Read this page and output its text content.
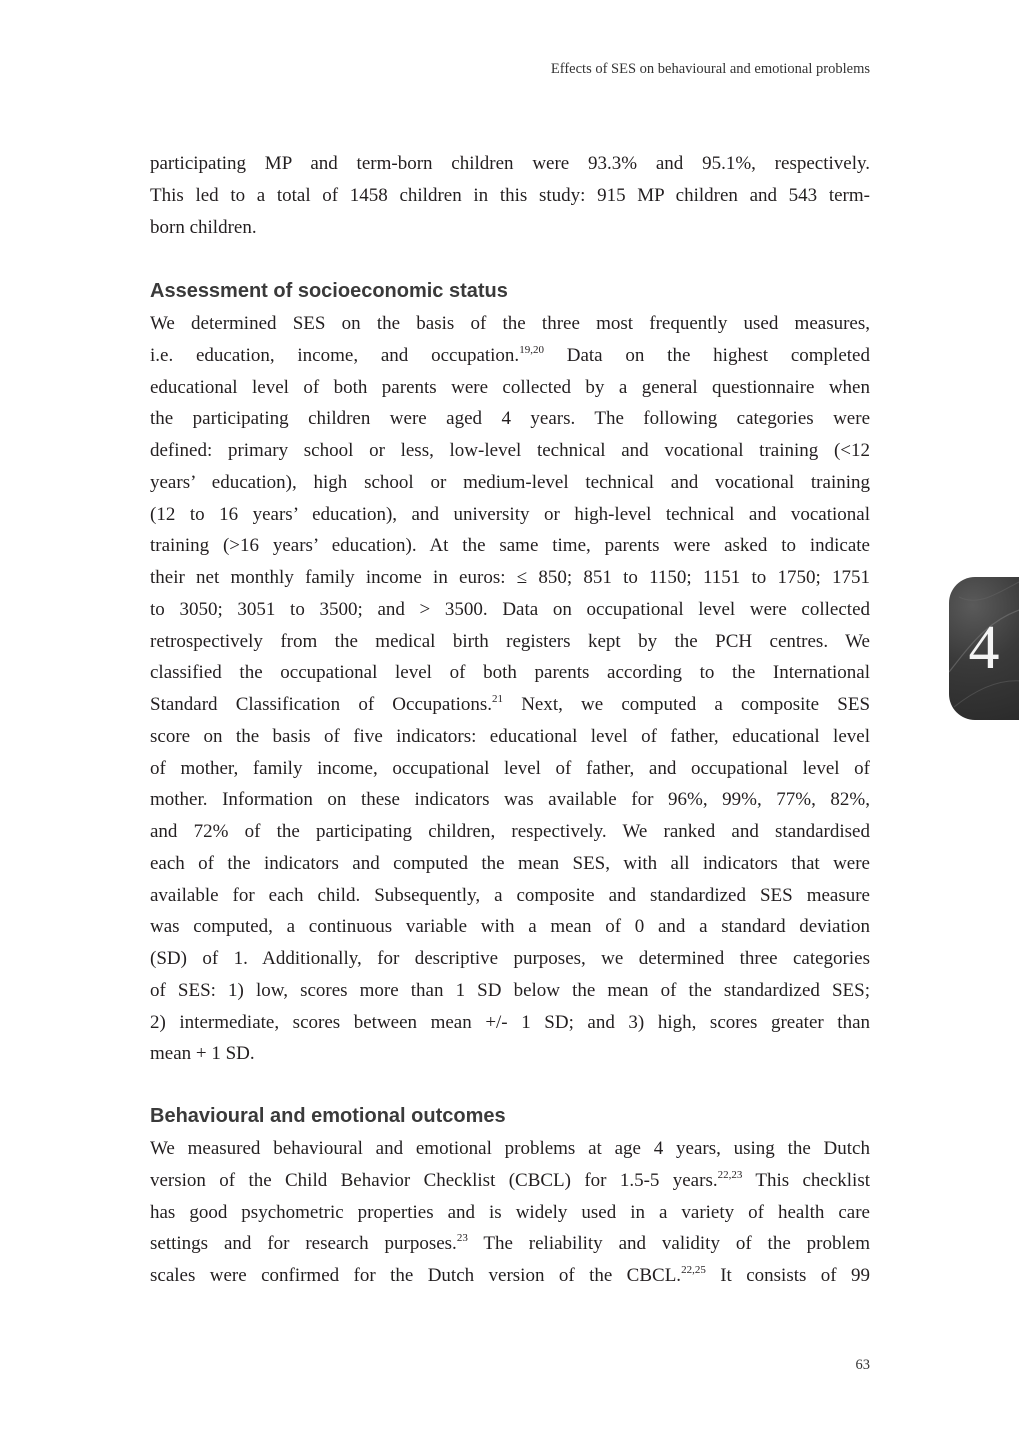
Effects of SES on behavioural and emotional problems
participating MP and term-born children were 93.3% and 95.1%, respectively.
This led to a total of 1458 children in this study: 915 MP children and 543 term-
born children.
Assessment of socioeconomic status
We determined SES on the basis of the three most frequently used measures,
i.e. education, income, and occupation.$^{19,20}$ Data on the highest completed
educational level of both parents were collected by a general questionnaire when
the participating children were aged 4 years. The following categories were
defined: primary school or less, low-level technical and vocational training (<12
years’ education), high school or medium-level technical and vocational training
(12 to 16 years’ education), and university or high-level technical and vocational
training (>16 years’ education). At the same time, parents were asked to indicate
their net monthly family income in euros: ≤ 850; 851 to 1150; 1151 to 1750; 1751
to 3050; 3051 to 3500; and > 3500. Data on occupational level were collected
retrospectively from the medical birth registers kept by the PCH centres. We
classified the occupational level of both parents according to the International
Standard Classification of Occupations.$^{21}$ Next, we computed a composite SES
score on the basis of five indicators: educational level of father, educational level
of mother, family income, occupational level of father, and occupational level of
mother. Information on these indicators was available for 96%, 99%, 77%, 82%,
and 72% of the participating children, respectively. We ranked and standardised
each of the indicators and computed the mean SES, with all indicators that were
available for each child. Subsequently, a composite and standardized SES measure
was computed, a continuous variable with a mean of 0 and a standard deviation
(SD) of 1. Additionally, for descriptive purposes, we determined three categories
of SES: 1) low, scores more than 1 SD below the mean of the standardized SES;
2) intermediate, scores between mean +/- 1 SD; and 3) high, scores greater than
mean + 1 SD.
Behavioural and emotional outcomes
We measured behavioural and emotional problems at age 4 years, using the Dutch
version of the Child Behavior Checklist (CBCL) for 1.5-5 years.$^{22,23}$ This checklist
has good psychometric properties and is widely used in a variety of health care
settings and for research purposes.$^{23}$ The reliability and validity of the problem
scales were confirmed for the Dutch version of the CBCL.$^{22,25}$ It consists of 99
4
63
